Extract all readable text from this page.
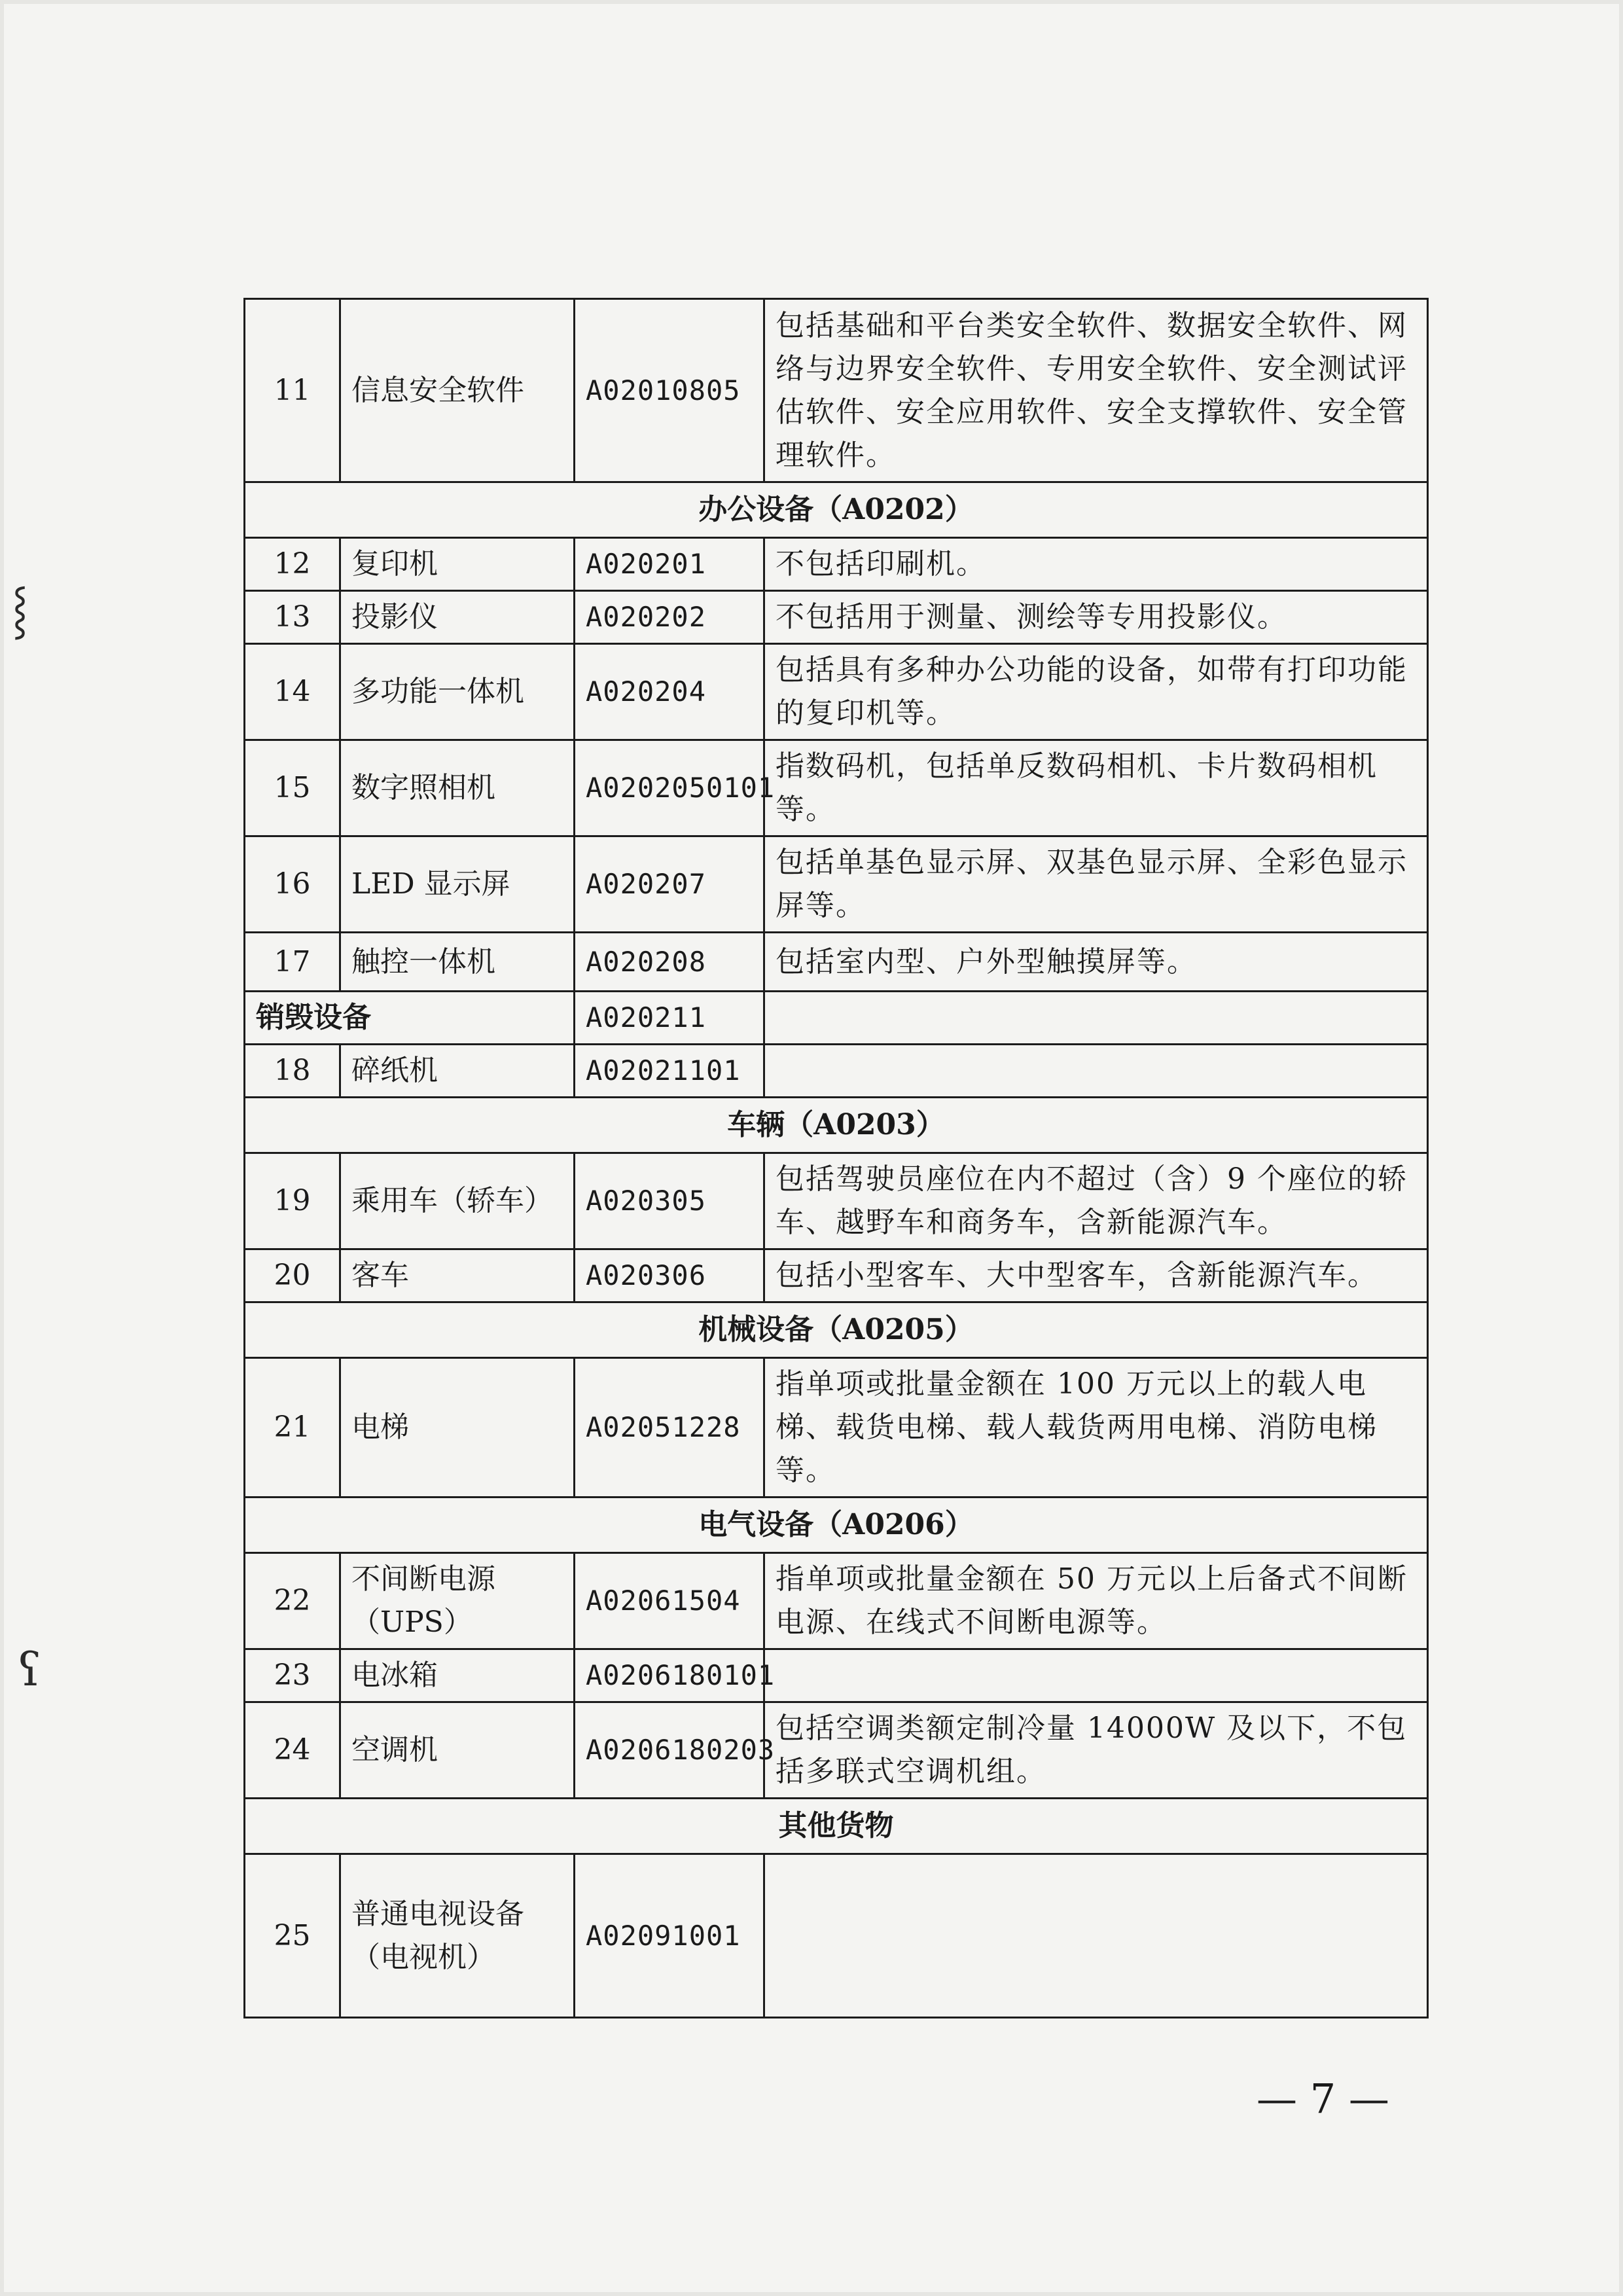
11	信息安全软件	A02010805	包括基础和平台类安全软件、数据安全软件、网络与边界安全软件、专用安全软件、安全测试评估软件、安全应用软件、安全支撑软件、安全管理软件。
办公设备（A0202）			
12	复印机	A020201	不包括印刷机。
13	投影仪	A020202	不包括用于测量、测绘等专用投影仪。
14	多功能一体机	A020204	包括具有多种办公功能的设备，如带有打印功能的复印机等。
15	数字照相机	A0202050101	指数码机，包括单反数码相机、卡片数码相机等。
16	LED 显示屏	A020207	包括单基色显示屏、双基色显示屏、全彩色显示屏等。
17	触控一体机	A020208	包括室内型、户外型触摸屏等。
销毁设备		A020211	
18	碎纸机	A02021101	
车辆（A0203）			
19	乘用车（轿车）	A020305	包括驾驶员座位在内不超过（含）9 个座位的轿车、越野车和商务车，含新能源汽车。
20	客车	A020306	包括小型客车、大中型客车，含新能源汽车。
机械设备（A0205）			
21	电梯	A02051228	指单项或批量金额在 100 万元以上的载人电梯、载货电梯、载人载货两用电梯、消防电梯等。
电气设备（A0206）			
22	不间断电源（UPS）	A02061504	指单项或批量金额在 50 万元以上后备式不间断电源、在线式不间断电源等。
23	电冰箱	A0206180101	
24	空调机	A0206180203	包括空调类额定制冷量 14000W 及以下，不包括多联式空调机组。
其他货物			
25	普通电视设备（电视机）	A02091001	
⸾
ʕ
— 7 —
